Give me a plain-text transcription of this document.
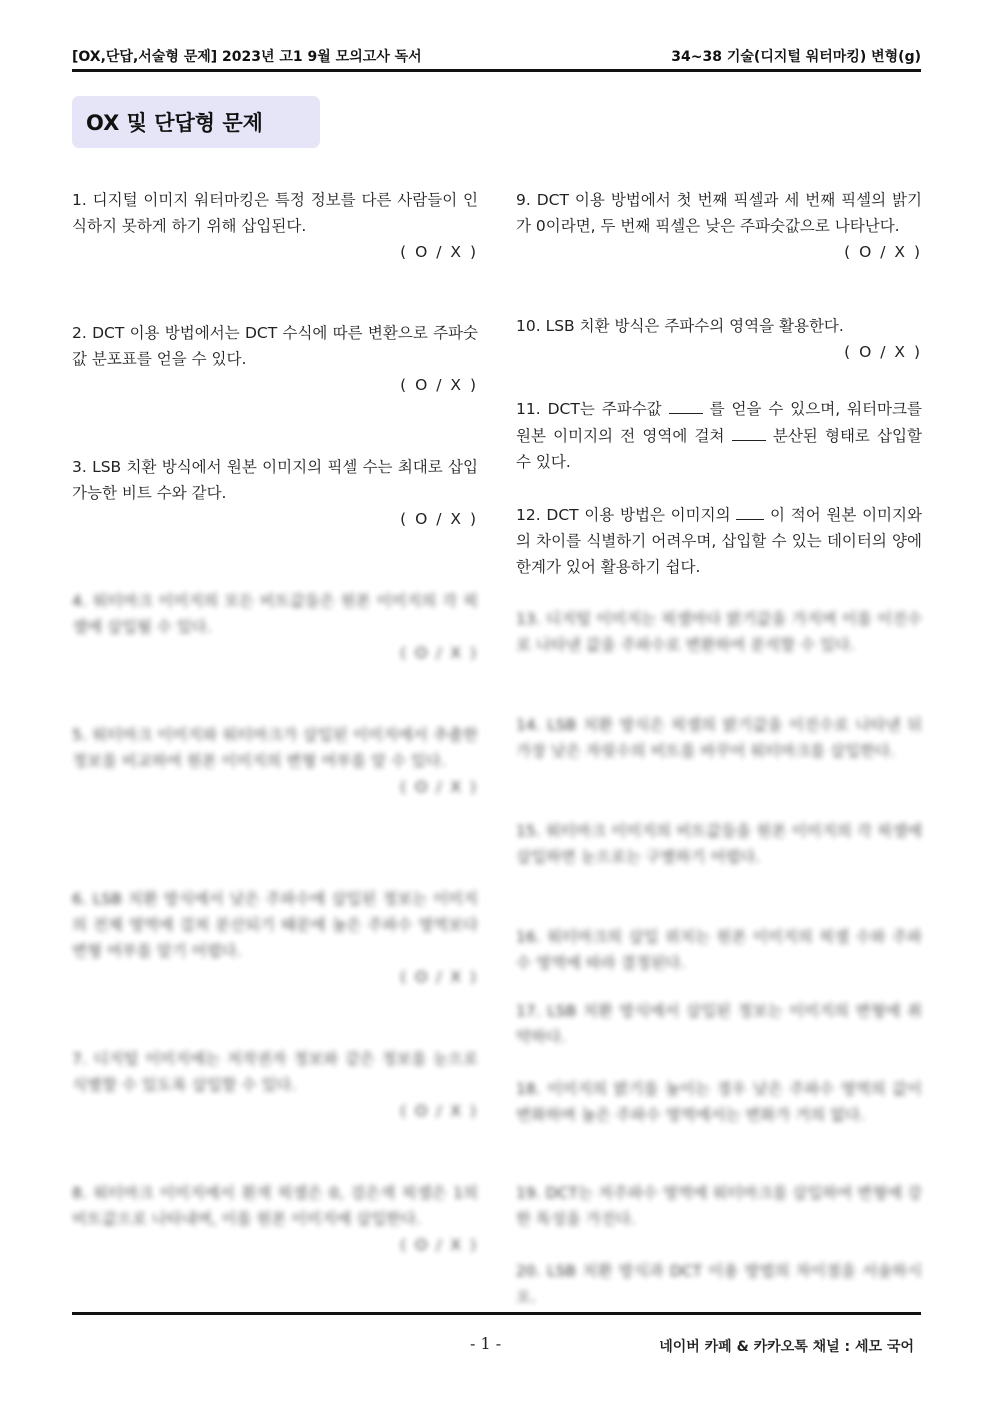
[OX,단답,서술형 문제] 2023년 고1 9월 모의고사 독서	34~38 기술(디지털 워터마킹) 변형(g)
OX 및 단답형 문제
1. 디지털 이미지 워터마킹은 특정 정보를 다른 사람들이 인식하지 못하게 하기 위해 삽입된다.
( O / X )
2. DCT 이용 방법에서는 DCT 수식에 따른 변환으로 주파숫값 분포표를 얻을 수 있다.
( O / X )
3. LSB 치환 방식에서 원본 이미지의 픽셀 수는 최대로 삽입 가능한 비트 수와 같다.
( O / X )
4. 워터마크 이미지의 모든 비트값들은 원본 이미지의 각 픽셀에 삽입될 수 있다.
( O / X )
5. 워터마크 이미지와 워터마크가 삽입된 이미지에서 추출한 정보를 비교하여 원본 이미지의 변형 여부를 알 수 있다.
( O / X )
6. LSB 치환 방식에서 낮은 주파수에 삽입된 정보는 이미지의 전체 영역에 걸쳐 분산되기 때문에 높은 주파수 영역보다 변형 여부를 알기 어렵다.
( O / X )
7. 디지털 이미지에는 저작권자 정보와 같은 정보를 눈으로 식별할 수 있도록 삽입할 수 있다.
( O / X )
8. 워터마크 이미지에서 흰색 픽셀은 0, 검은색 픽셀은 1의 비트값으로 나타내며, 이를 원본 이미지에 삽입한다.
( O / X )
9. DCT 이용 방법에서 첫 번째 픽셀과 세 번째 픽셀의 밝기가 0이라면, 두 번째 픽셀은 낮은 주파숫값으로 나타난다.
( O / X )
10. LSB 치환 방식은 주파수의 영역을 활용한다.
( O / X )
11. DCT는 주파수값	를 얻을 수 있으며, 워터마크를 원본 이미지의 전 영역에 걸쳐	분산된 형태로 삽입할 수 있다.
12. DCT 이용 방법은 이미지의	이 적어 원본 이미지와의 차이를 식별하기 어려우며, 삽입할 수 있는 데이터의 양에 한계가 있어 활용하기 쉽다.
13. 디지털 이미지는 픽셀마다 밝기값을 가지며 이를 이진수로 나타낸 값을 주파수로 변환하여 분석할 수 있다.
14. LSB 치환 방식은 픽셀의 밝기값을 이진수로 나타낸 뒤 가장 낮은 자릿수의 비트를 바꾸어 워터마크를 삽입한다.
15. 워터마크 이미지의 비트값들을 원본 이미지의 각 픽셀에 삽입하면 눈으로는 구별하기 어렵다.
16. 워터마크의 삽입 위치는 원본 이미지의 픽셀 수와 주파수 영역에 따라 결정된다.
17. LSB 치환 방식에서 삽입된 정보는 이미지의 변형에 취약하다.
18. 이미지의 밝기를 높이는 경우 낮은 주파수 영역의 값이 변화하며 높은 주파수 영역에서는 변화가 거의 없다.
19. DCT는 저주파수 영역에 워터마크를 삽입하여 변형에 강한 특성을 가진다.
20. LSB 치환 방식과 DCT 이용 방법의 차이점을 서술하시오.
- 1 -	네이버 카페 & 카카오톡 채널 : 세모 국어
